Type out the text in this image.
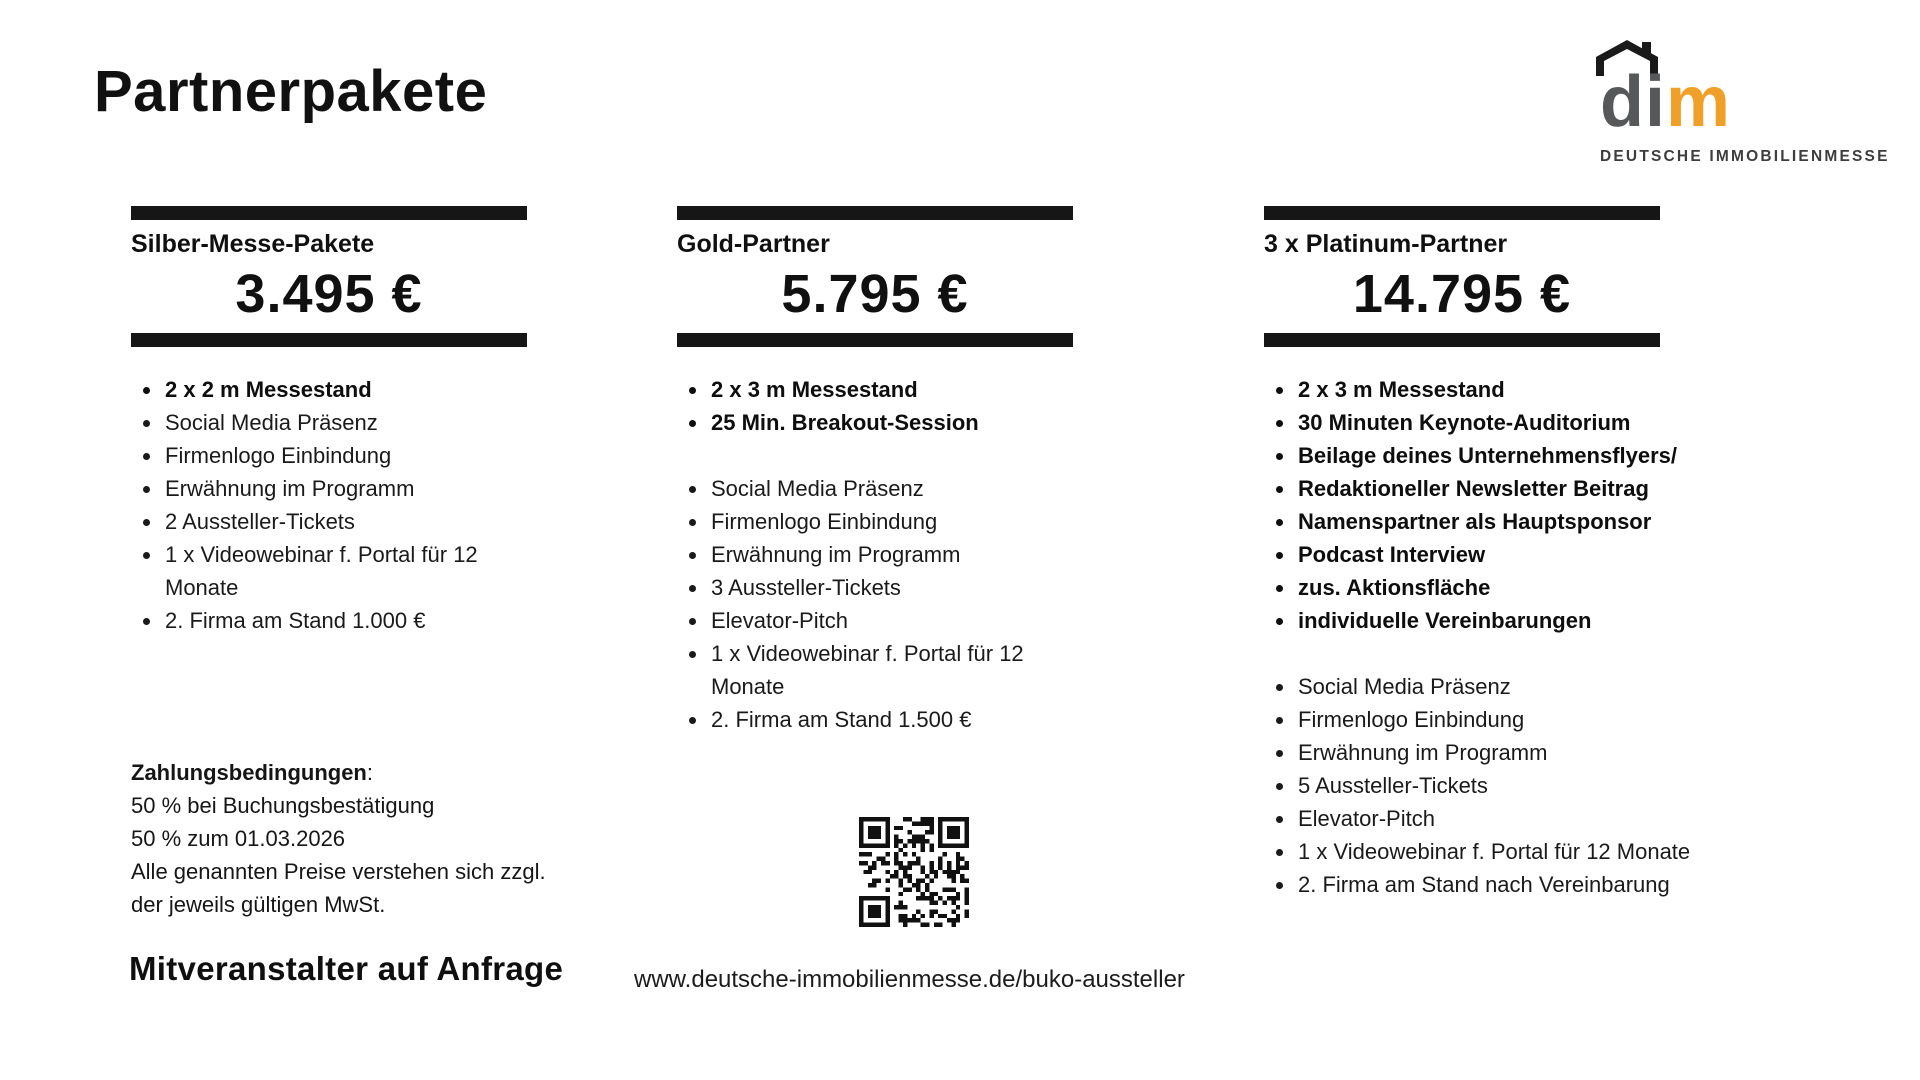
Partnerpakete	dim
DEUTSCHE IMMOBILIENMESSE
Silber-Messe-Pakete
3.495 €
• 2 x 2 m Messestand
• Social Media Präsenz
• Firmenlogo Einbindung
• Erwähnung im Programm
• 2 Aussteller-Tickets
• 1 x Videowebinar f. Portal für 12 Monate
• 2. Firma am Stand 1.000 €
Gold-Partner
5.795 €
• 2 x 3 m Messestand
• 25 Min. Breakout-Session
• Social Media Präsenz
• Firmenlogo Einbindung
• Erwähnung im Programm
• 3 Aussteller-Tickets
• Elevator-Pitch
• 1 x Videowebinar f. Portal für 12 Monate
• 2. Firma am Stand 1.500 €
3 x Platinum-Partner
14.795 €
• 2 x 3 m Messestand
• 30 Minuten Keynote-Auditorium
• Beilage deines Unternehmensflyers/
• Redaktioneller Newsletter Beitrag
• Namenspartner als Hauptsponsor
• Podcast Interview
• zus. Aktionsfläche
• individuelle Vereinbarungen
• Social Media Präsenz
• Firmenlogo Einbindung
• Erwähnung im Programm
• 5 Aussteller-Tickets
• Elevator-Pitch
• 1 x Videowebinar f. Portal für 12 Monate
• 2. Firma am Stand nach Vereinbarung
Zahlungsbedingungen:
50 % bei Buchungsbestätigung
50 % zum 01.03.2026
Alle genannten Preise verstehen sich zzgl. der jeweils gültigen MwSt.
Mitveranstalter auf Anfrage	www.deutsche-immobilienmesse.de/buko-aussteller
